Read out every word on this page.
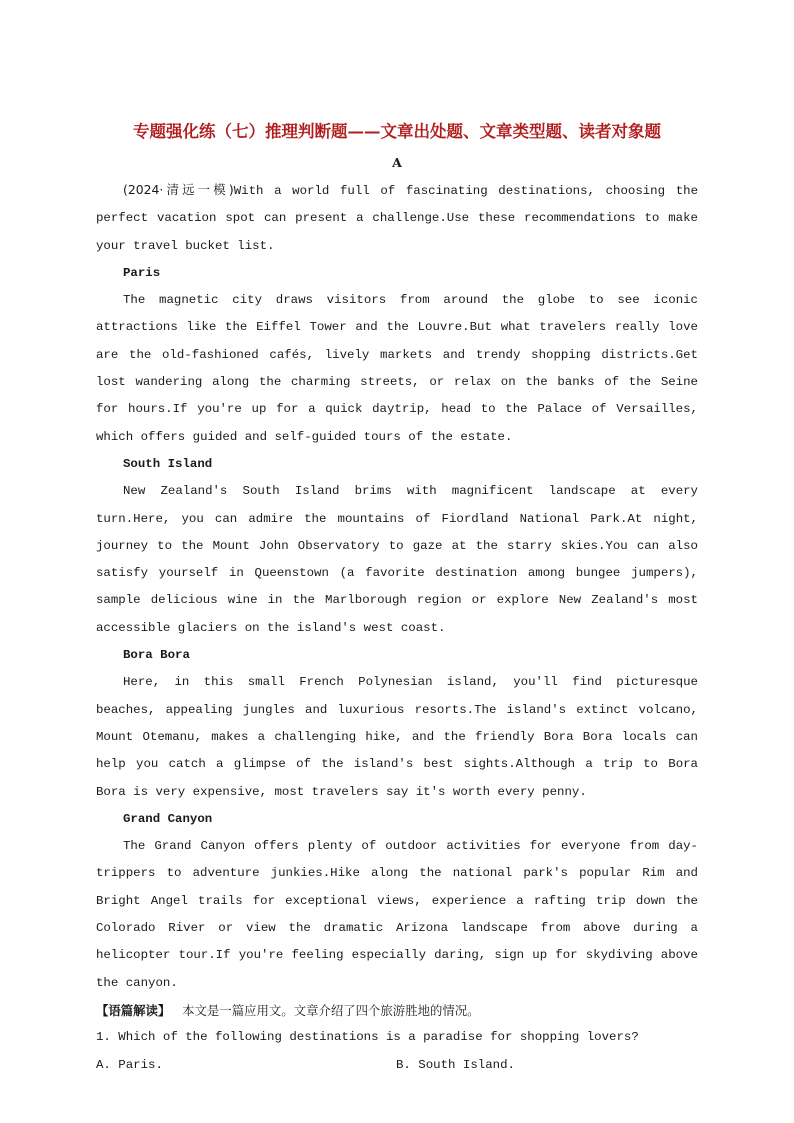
专题强化练（七）推理判断题——文章出处题、文章类型题、读者对象题
A

(2024·清远一模)With a world full of fascinating destinations, choosing the perfect vacation spot can present a challenge.Use these recommendations to make your travel bucket list.

Paris

The magnetic city draws visitors from around the globe to see iconic attractions like the Eiffel Tower and the Louvre.But what travelers really love are the old-fashioned cafés, lively markets and trendy shopping districts.Get lost wandering along the charming streets, or relax on the banks of the Seine for hours.If you're up for a quick daytrip, head to the Palace of Versailles, which offers guided and self-guided tours of the estate.

South Island

New Zealand's South Island brims with magnificent landscape at every turn.Here, you can admire the mountains of Fiordland National Park.At night, journey to the Mount John Observatory to gaze at the starry skies.You can also satisfy yourself in Queenstown (a favorite destination among bungee jumpers), sample delicious wine in the Marlborough region or explore New Zealand's most accessible glaciers on the island's west coast.

Bora Bora

Here, in this small French Polynesian island, you'll find picturesque beaches, appealing jungles and luxurious resorts.The island's extinct volcano, Mount Otemanu, makes a challenging hike, and the friendly Bora Bora locals can help you catch a glimpse of the island's best sights.Although a trip to Bora Bora is very expensive, most travelers say it's worth every penny.

Grand Canyon

The Grand Canyon offers plenty of outdoor activities for everyone from day-trippers to adventure junkies.Hike along the national park's popular Rim and Bright Angel trails for exceptional views, experience a rafting trip down the Colorado River or view the dramatic Arizona landscape from above during a helicopter tour.If you're feeling especially daring, sign up for skydiving above the canyon.

【语篇解读】 本文是一篇应用文。文章介绍了四个旅游胜地的情况。

1. Which of the following destinations is a paradise for shopping lovers?

A. Paris.	B. South Island.
